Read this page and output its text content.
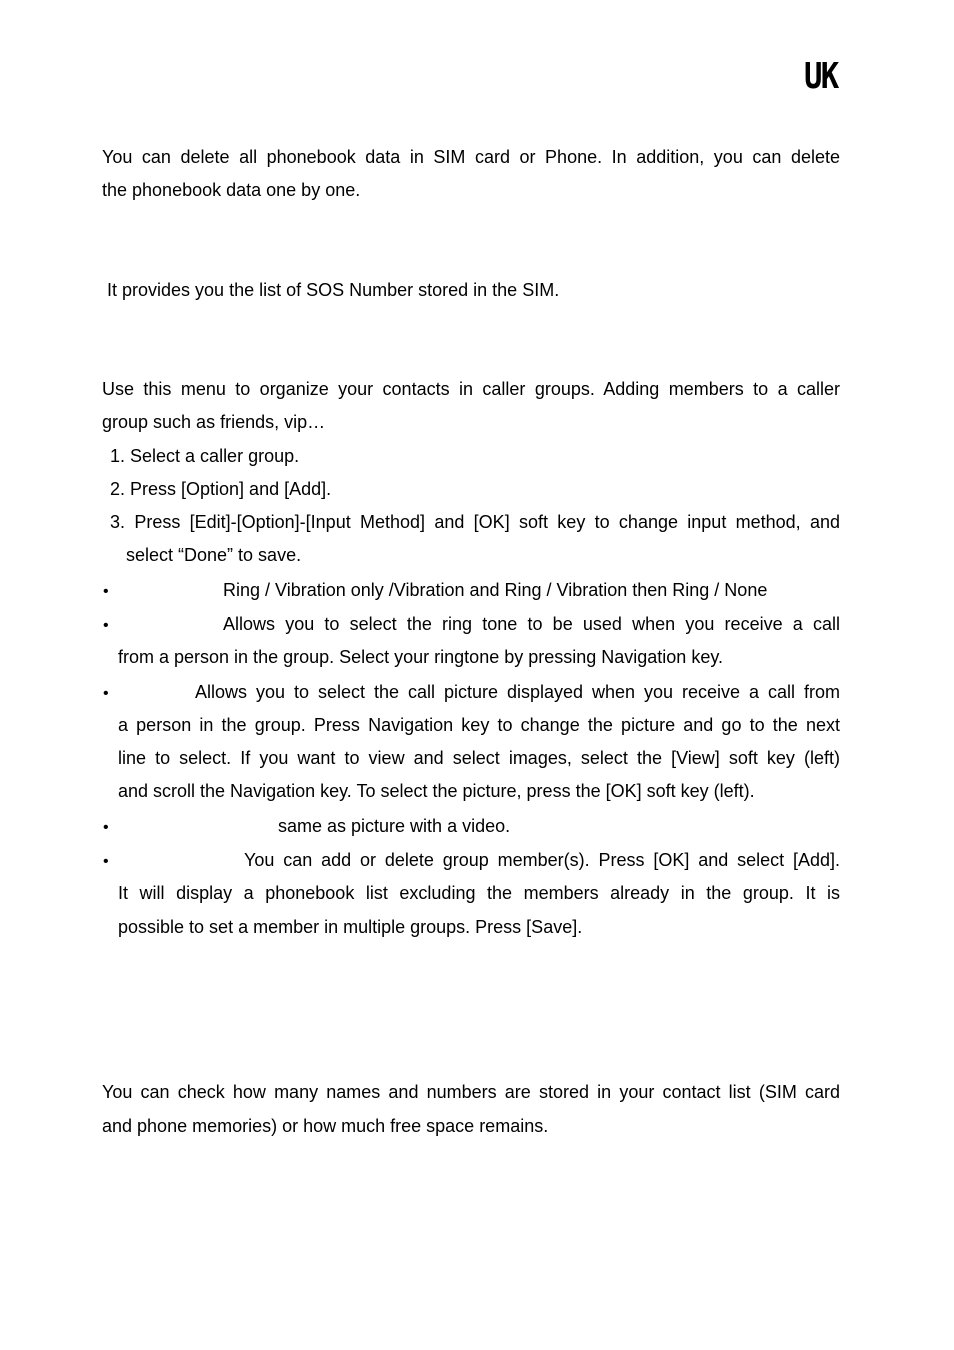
UK

You can delete all phonebook data in SIM card or Phone. In addition, you can delete

the phonebook data one by one.

It provides you the list of SOS Number stored in the SIM.

Use this menu to organize your contacts in caller groups. Adding members to a caller

group such as friends, vip…

1. Select a caller group.

2. Press [Option] and [Add].

3. Press [Edit]-[Option]-[Input Method] and [OK] soft key to change input method, and

select “Done” to save.

•	Ring / Vibration only /Vibration and Ring / Vibration then Ring / None

•	Allows you to select the ring tone to be used when you receive a call

from a person in the group. Select your ringtone by pressing Navigation key.

•	Allows you to select the call picture displayed when you receive a call from

a person in the group. Press Navigation key to change the picture and go to the next

line to select. If you want to view and select images, select the [View] soft key (left)

and scroll the Navigation key. To select the picture, press the [OK] soft key (left).

•	same as picture with a video.

•	You can add or delete group member(s). Press [OK] and select [Add].

It will display a phonebook list excluding the members already in the group. It is

possible to set a member in multiple groups. Press [Save].

You can check how many names and numbers are stored in your contact list (SIM card

and phone memories) or how much free space remains.
